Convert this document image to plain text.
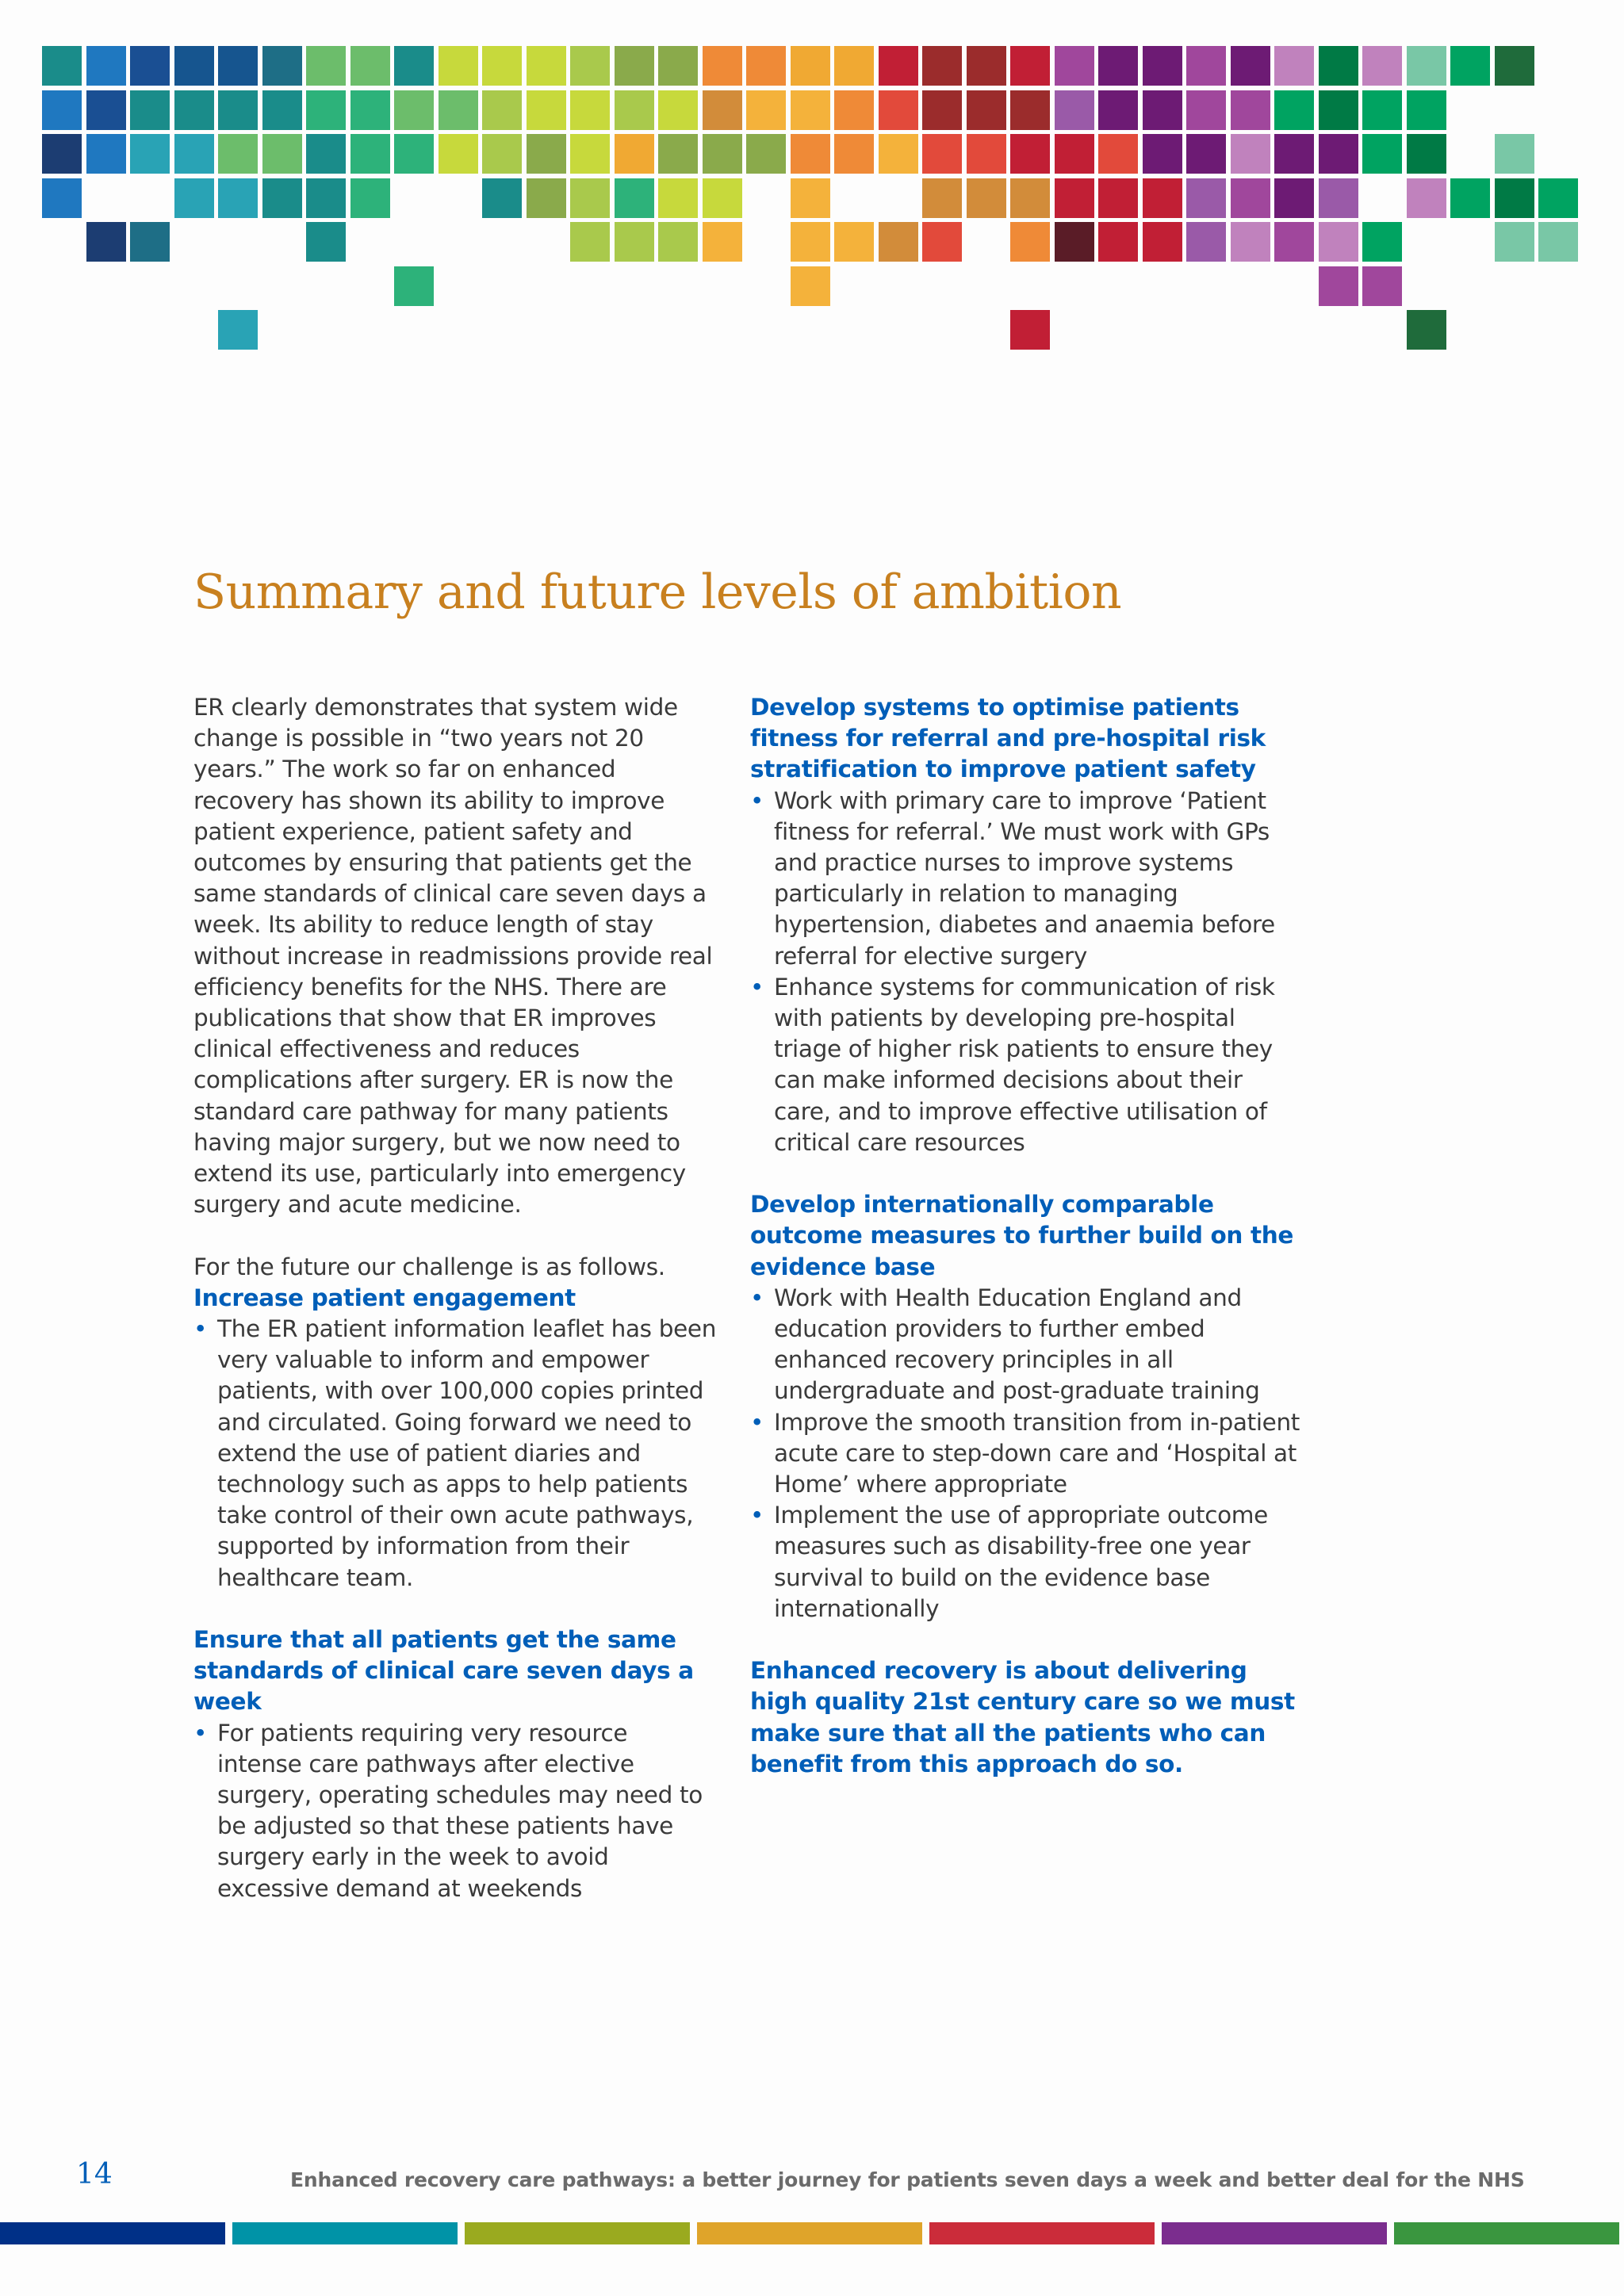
Summary and future levels of ambition

ER clearly demonstrates that system wide change is possible in “two years not 20 years.” The work so far on enhanced recovery has shown its ability to improve patient experience, patient safety and outcomes by ensuring that patients get the same standards of clinical care seven days a week. Its ability to reduce length of stay without increase in readmissions provide real efficiency benefits for the NHS. There are publications that show that ER improves clinical effectiveness and reduces complications after surgery. ER is now the standard care pathway for many patients having major surgery, but we now need to extend its use, particularly into emergency surgery and acute medicine.

For the future our challenge is as follows.

Increase patient engagement

• The ER patient information leaflet has been very valuable to inform and empower patients, with over 100,000 copies printed and circulated. Going forward we need to extend the use of patient diaries and technology such as apps to help patients take control of their own acute pathways, supported by information from their healthcare team.

Ensure that all patients get the same standards of clinical care seven days a week

• For patients requiring very resource intense care pathways after elective surgery, operating schedules may need to be adjusted so that these patients have surgery early in the week to avoid excessive demand at weekends

Develop systems to optimise patients fitness for referral and pre-hospital risk stratification to improve patient safety

• Work with primary care to improve ‘Patient fitness for referral.’ We must work with GPs and practice nurses to improve systems particularly in relation to managing hypertension, diabetes and anaemia before referral for elective surgery
• Enhance systems for communication of risk with patients by developing pre-hospital triage of higher risk patients to ensure they can make informed decisions about their care, and to improve effective utilisation of critical care resources

Develop internationally comparable outcome measures to further build on the evidence base

• Work with Health Education England and education providers to further embed enhanced recovery principles in all undergraduate and post-graduate training
• Improve the smooth transition from in-patient acute care to step-down care and ‘Hospital at Home’ where appropriate
• Implement the use of appropriate outcome measures such as disability-free one year survival to build on the evidence base internationally

Enhanced recovery is about delivering high quality 21st century care so we must make sure that all the patients who can benefit from this approach do so.

14	Enhanced recovery care pathways: a better journey for patients seven days a week and better deal for the NHS
